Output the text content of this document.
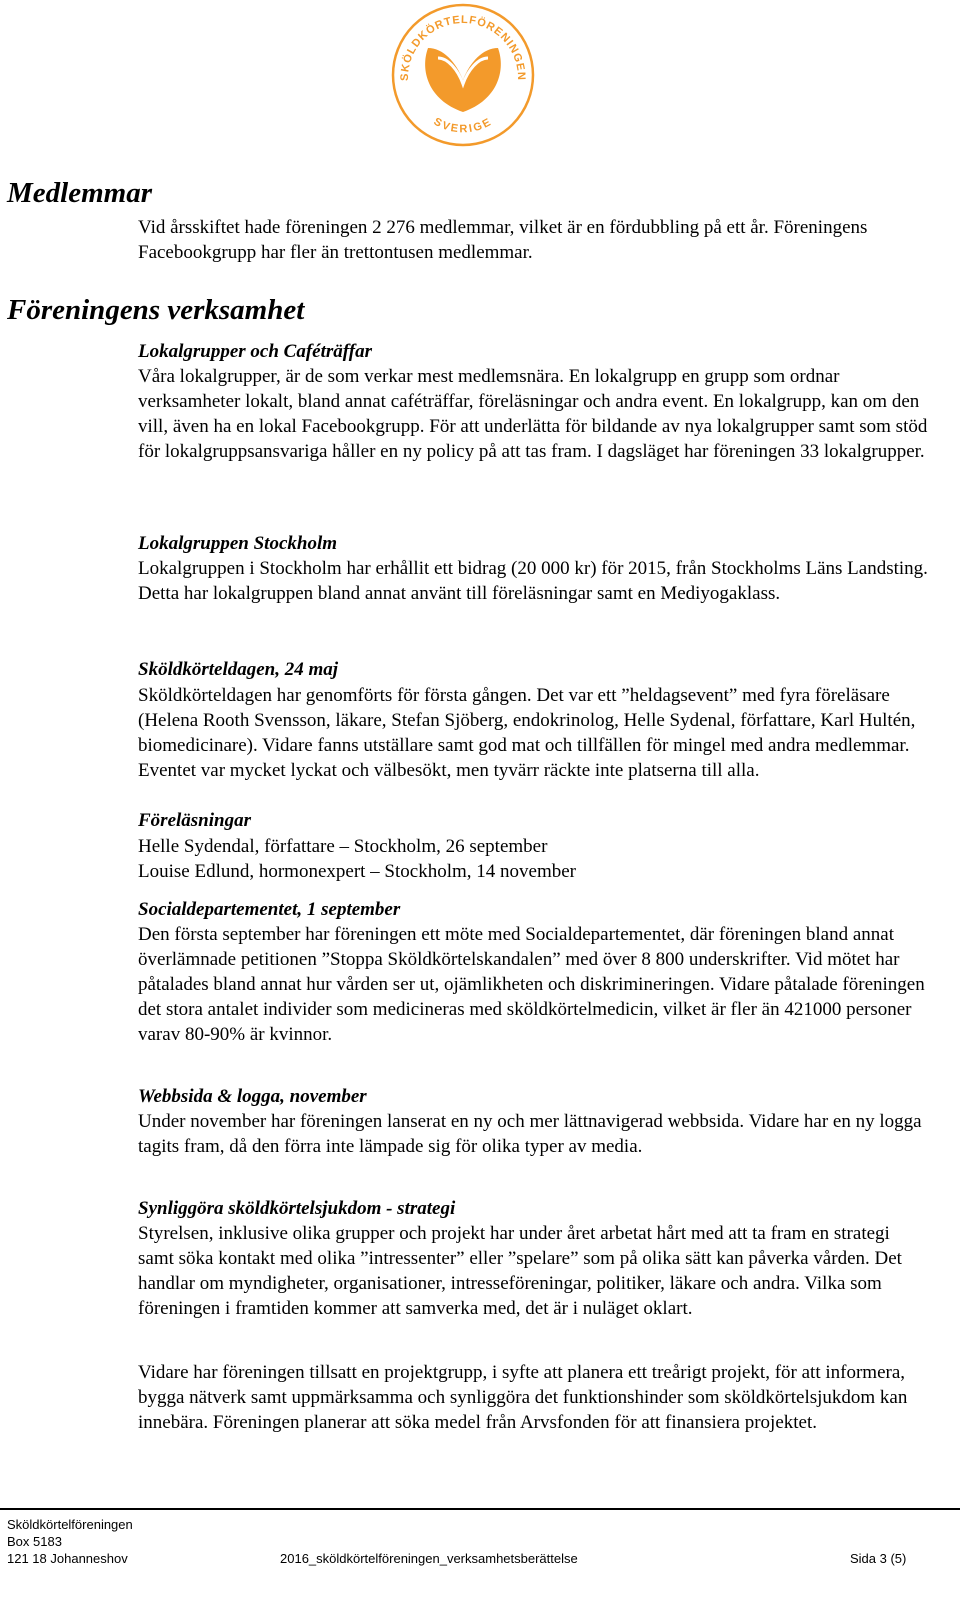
SKÖLDKÖRTELFÖRENINGEN
SVERIGE
Medlemmar

Vid årsskiftet hade föreningen 2 276 medlemmar, vilket är en fördubbling på ett år. Föreningens Facebookgrupp har fler än trettontusen medlemmar.

Föreningens verksamhet
Lokalgrupper och Caféträffar

Våra lokalgrupper, är de som verkar mest medlemsnära. En lokalgrupp en grupp som ordnar verksamheter lokalt, bland annat caféträffar, föreläsningar och andra event. En lokalgrupp, kan om den vill, även ha en lokal Facebookgrupp. För att underlätta för bildande av nya lokalgrupper samt som stöd för lokalgruppsansvariga håller en ny policy på att tas fram. I dagsläget har föreningen 33 lokalgrupper.

Lokalgruppen Stockholm

Lokalgruppen i Stockholm har erhållit ett bidrag (20 000 kr) för 2015, från Stockholms Läns Landsting. Detta har lokalgruppen bland annat använt till föreläsningar samt en Mediyogaklass.

Sköldkörteldagen, 24 maj

Sköldkörteldagen har genomförts för första gången. Det var ett ”heldagsevent” med fyra föreläsare (Helena Rooth Svensson, läkare, Stefan Sjöberg, endokrinolog, Helle Sydenal, författare, Karl Hultén, biomedicinare). Vidare fanns utställare samt god mat och tillfällen för mingel med andra medlemmar. Eventet var mycket lyckat och välbesökt, men tyvärr räckte inte platserna till alla.

Föreläsningar
Helle Sydendal, författare – Stockholm, 26 september
Louise Edlund, hormonexpert – Stockholm, 14 november
Socialdepartementet, 1 september

Den första september har föreningen ett möte med Socialdepartementet, där föreningen bland annat överlämnade petitionen ”Stoppa Sköldkörtelskandalen” med över 8 800 underskrifter. Vid mötet har påtalades bland annat hur vården ser ut, ojämlikheten och diskrimineringen. Vidare påtalade föreningen det stora antalet individer som medicineras med sköldkörtelmedicin, vilket är fler än 421000 personer varav 80-90% är kvinnor.

Webbsida & logga, november

Under november har föreningen lanserat en ny och mer lättnavigerad webbsida. Vidare har en ny logga tagits fram, då den förra inte lämpade sig för olika typer av media.

Synliggöra sköldkörtelsjukdom - strategi

Styrelsen, inklusive olika grupper och projekt har under året arbetat hårt med att ta fram en strategi samt söka kontakt med olika ”intressenter” eller ”spelare” som på olika sätt kan påverka vården. Det handlar om myndigheter, organisationer, intresseföreningar, politiker, läkare och andra. Vilka som föreningen i framtiden kommer att samverka med, det är i nuläget oklart.

Vidare har föreningen tillsatt en projektgrupp, i syfte att planera ett treårigt projekt, för att informera, bygga nätverk samt uppmärksamma och synliggöra det funktionshinder som sköldkörtelsjukdom kan innebära. Föreningen planerar att söka medel från Arvsfonden för att finansiera projektet.

Sköldkörtelföreningen
Box 5183
121 18 Johanneshov	2016_sköldkörtelföreningen_verksamhetsberättelse	Sida 3 (5)
